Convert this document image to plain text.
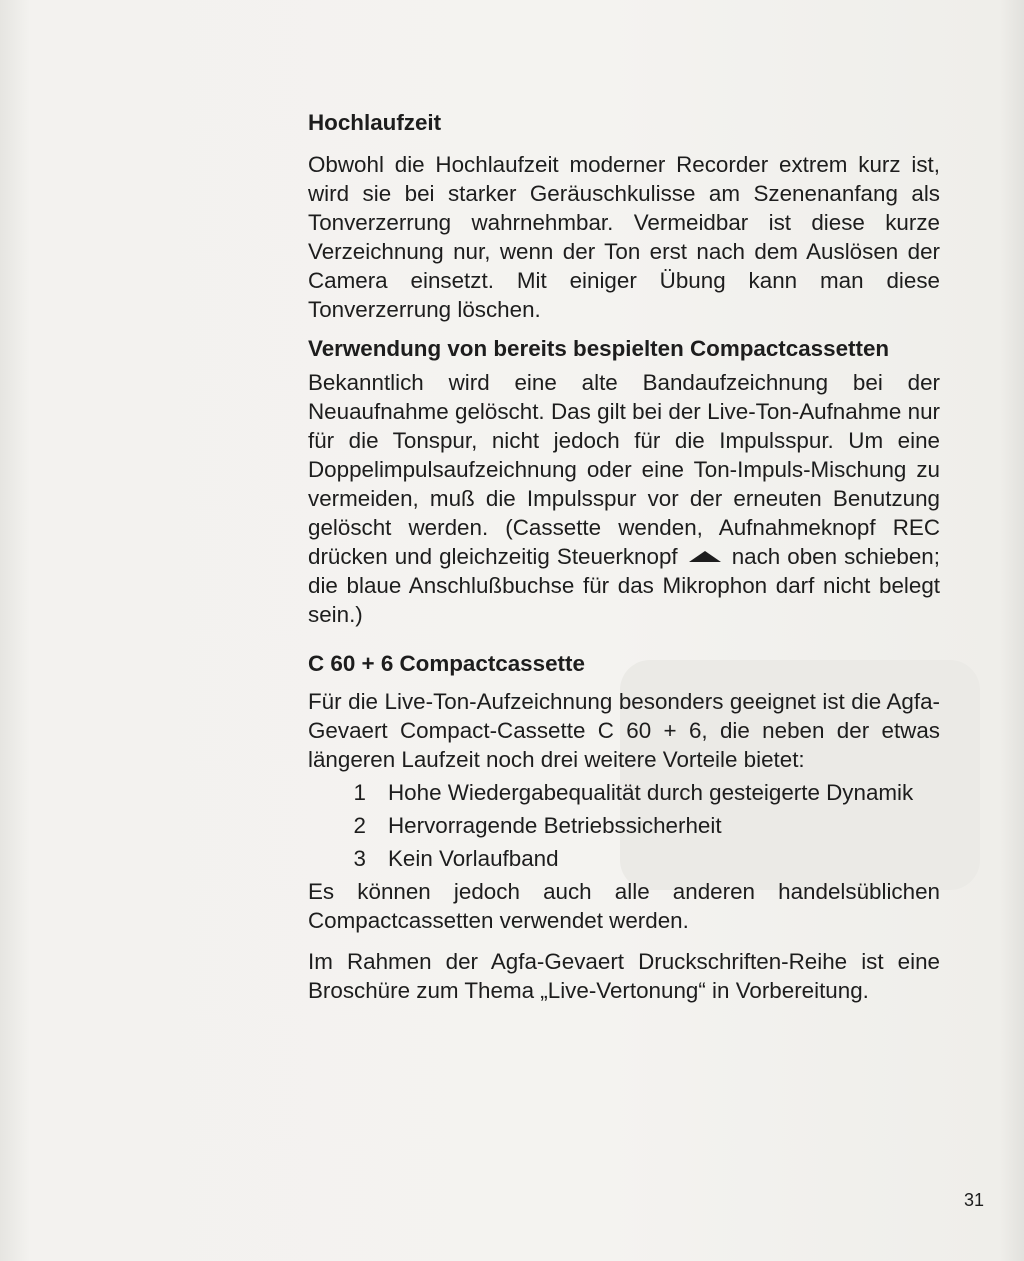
Hochlaufzeit

Obwohl die Hochlaufzeit moderner Recorder extrem kurz ist, wird sie bei starker Geräuschkulisse am Szenenanfang als Tonverzerrung wahrnehmbar. Vermeidbar ist diese kurze Verzeichnung nur, wenn der Ton erst nach dem Auslösen der Camera einsetzt. Mit einiger Übung kann man diese Tonverzerrung löschen.

Verwendung von bereits bespielten Compactcassetten

Bekanntlich wird eine alte Bandaufzeichnung bei der Neuaufnahme gelöscht. Das gilt bei der Live-Ton-Aufnahme nur für die Tonspur, nicht jedoch für die Impulsspur. Um eine Doppelimpulsaufzeichnung oder eine Ton-Impuls-Mischung zu vermeiden, muß die Impulsspur vor der erneuten Benutzung gelöscht werden. (Cassette wenden, Aufnahmeknopf REC drücken und gleichzeitig Steuerknopf nach oben schieben; die blaue Anschlußbuchse für das Mikrophon darf nicht belegt sein.)

C 60 + 6 Compactcassette

Für die Live-Ton-Aufzeichnung besonders geeignet ist die Agfa-Gevaert Compact-Cassette C 60 + 6, die neben der etwas längeren Laufzeit noch drei weitere Vorteile bietet:

1 Hohe Wiedergabequalität durch gesteigerte Dynamik
2 Hervorragende Betriebssicherheit
3 Kein Vorlaufband

Es können jedoch auch alle anderen handelsüblichen Compactcassetten verwendet werden.

Im Rahmen der Agfa-Gevaert Druckschriften-Reihe ist eine Broschüre zum Thema „Live-Vertonung“ in Vorbereitung.

31
